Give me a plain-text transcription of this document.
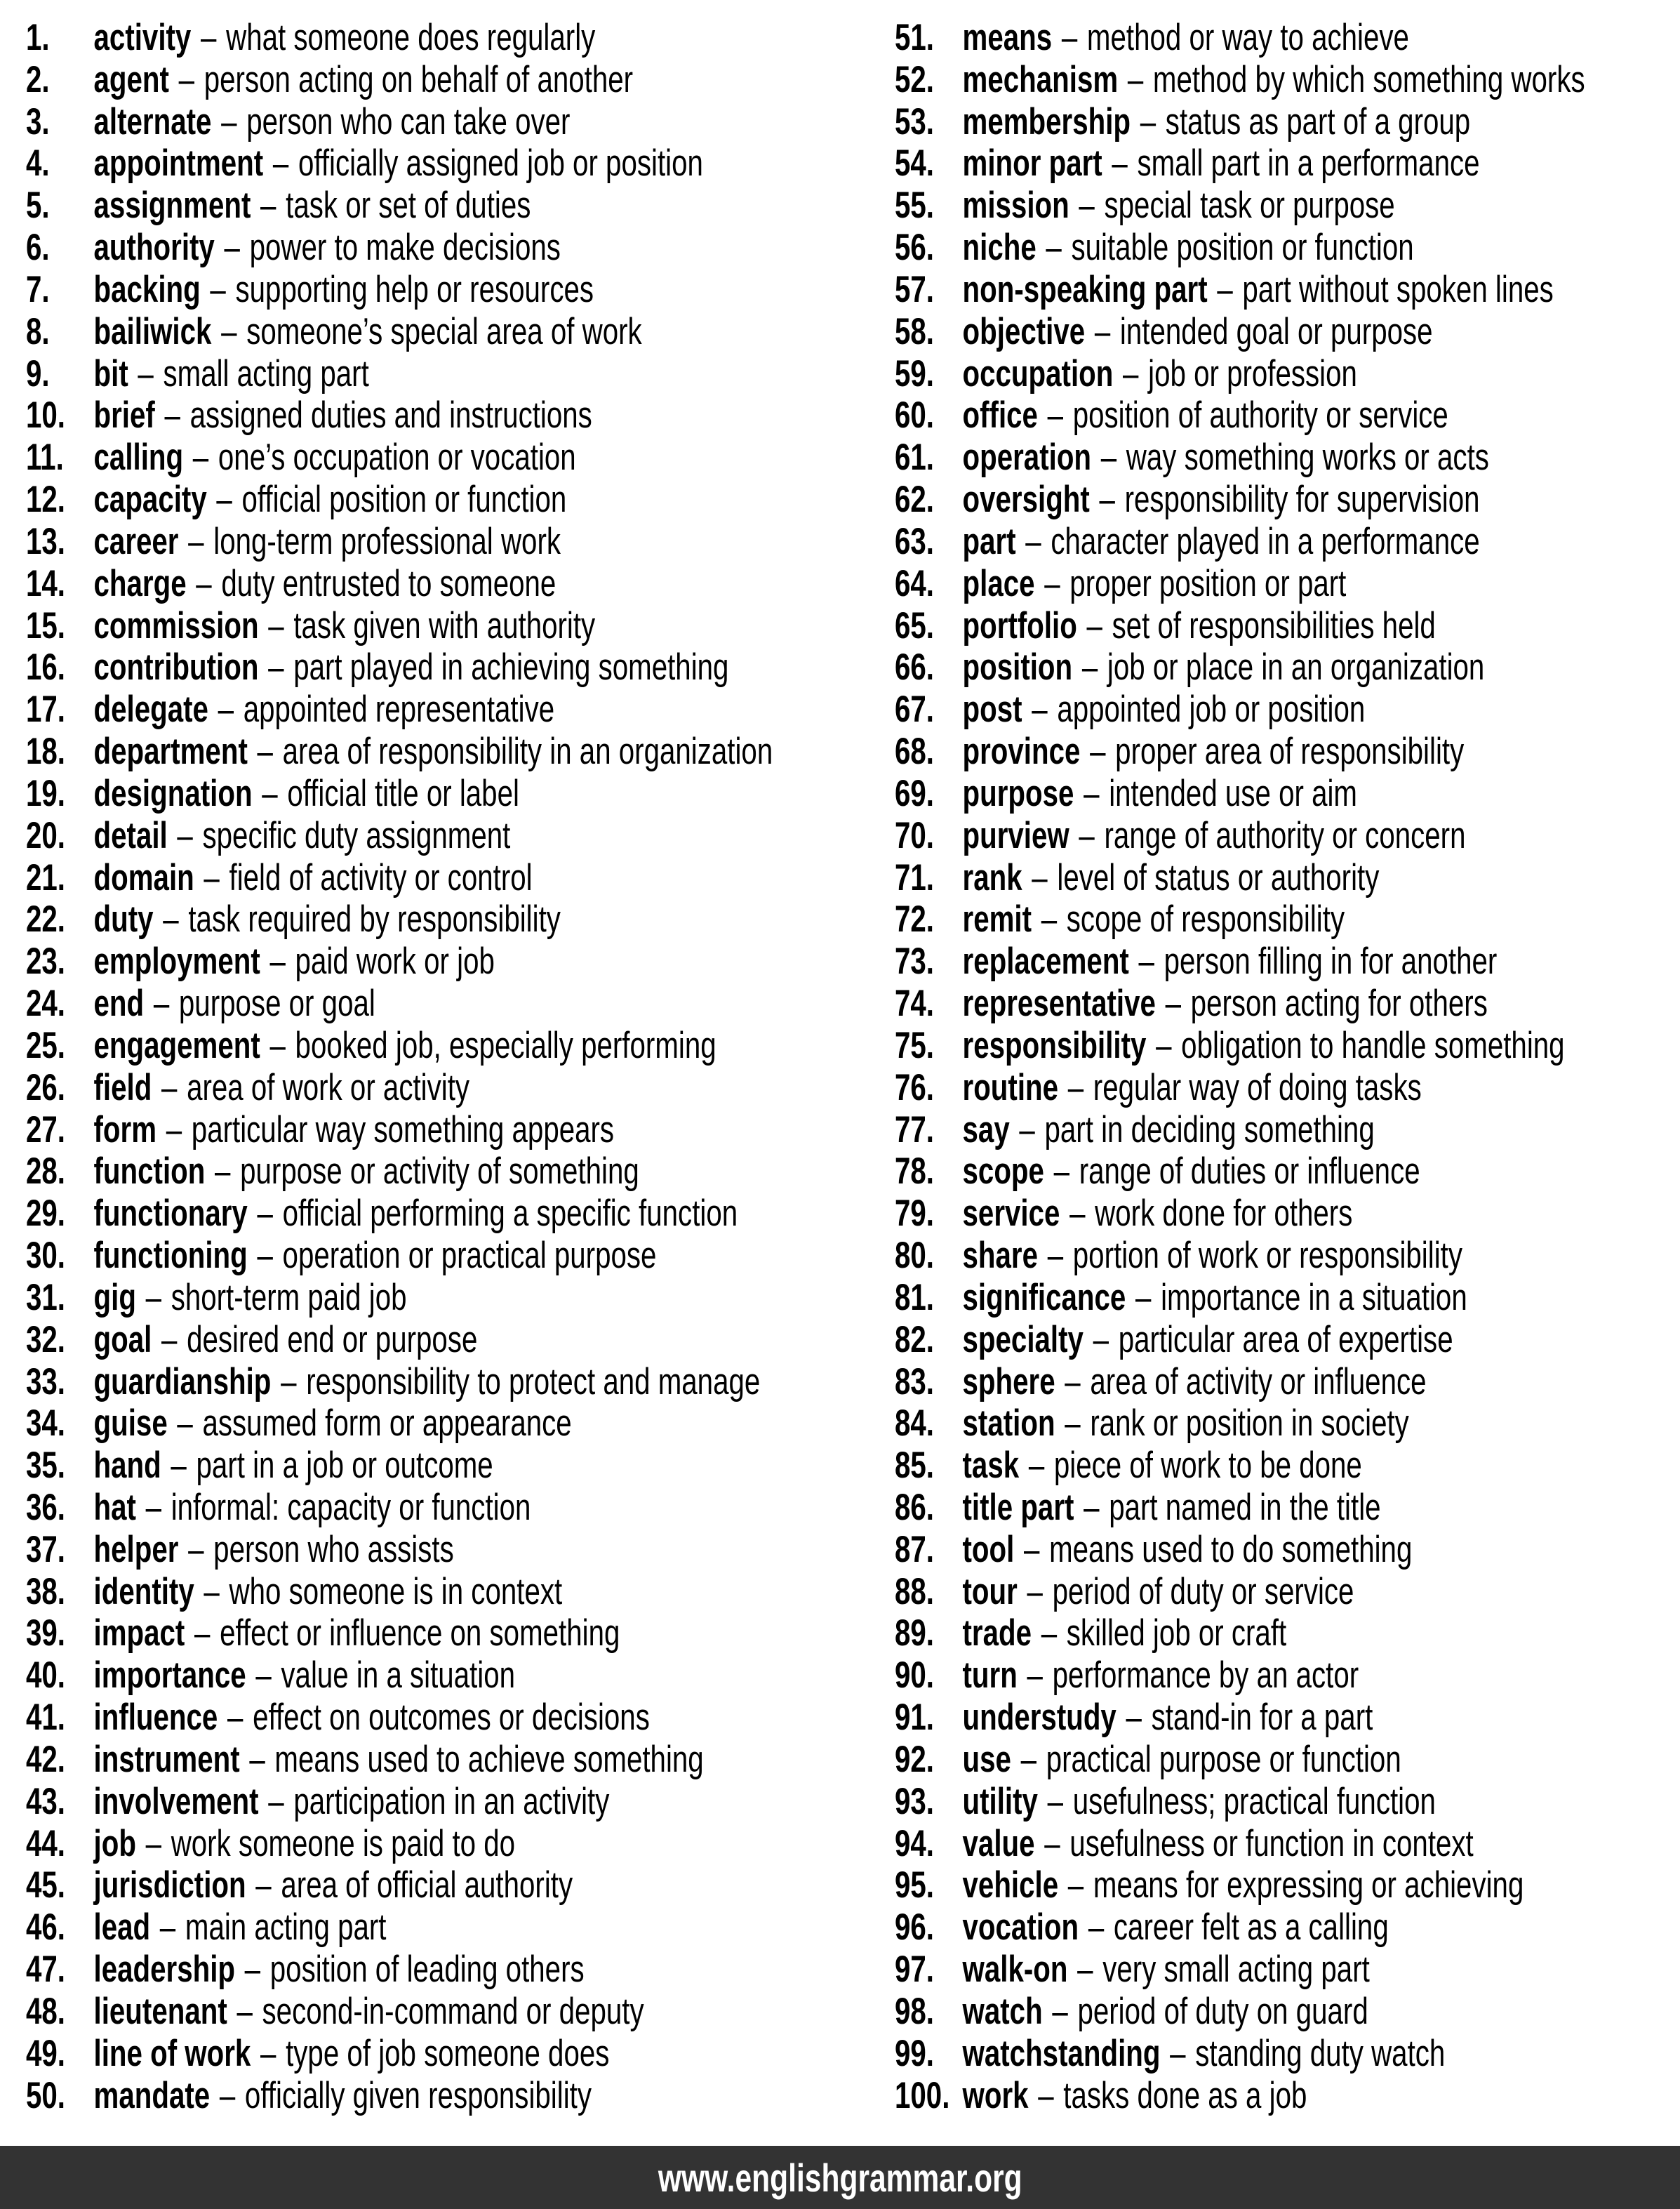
1. activity – what someone does regularly
2. agent – person acting on behalf of another
3. alternate – person who can take over
4. appointment – officially assigned job or position
5. assignment – task or set of duties
6. authority – power to make decisions
7. backing – supporting help or resources
8. bailiwick – someone’s special area of work
9. bit – small acting part
10. brief – assigned duties and instructions
11. calling – one’s occupation or vocation
12. capacity – official position or function
13. career – long-term professional work
14. charge – duty entrusted to someone
15. commission – task given with authority
16. contribution – part played in achieving something
17. delegate – appointed representative
18. department – area of responsibility in an organization
19. designation – official title or label
20. detail – specific duty assignment
21. domain – field of activity or control
22. duty – task required by responsibility
23. employment – paid work or job
24. end – purpose or goal
25. engagement – booked job, especially performing
26. field – area of work or activity
27. form – particular way something appears
28. function – purpose or activity of something
29. functionary – official performing a specific function
30. functioning – operation or practical purpose
31. gig – short-term paid job
32. goal – desired end or purpose
33. guardianship – responsibility to protect and manage
34. guise – assumed form or appearance
35. hand – part in a job or outcome
36. hat – informal: capacity or function
37. helper – person who assists
38. identity – who someone is in context
39. impact – effect or influence on something
40. importance – value in a situation
41. influence – effect on outcomes or decisions
42. instrument – means used to achieve something
43. involvement – participation in an activity
44. job – work someone is paid to do
45. jurisdiction – area of official authority
46. lead – main acting part
47. leadership – position of leading others
48. lieutenant – second-in-command or deputy
49. line of work – type of job someone does
50. mandate – officially given responsibility
51. means – method or way to achieve
52. mechanism – method by which something works
53. membership – status as part of a group
54. minor part – small part in a performance
55. mission – special task or purpose
56. niche – suitable position or function
57. non-speaking part – part without spoken lines
58. objective – intended goal or purpose
59. occupation – job or profession
60. office – position of authority or service
61. operation – way something works or acts
62. oversight – responsibility for supervision
63. part – character played in a performance
64. place – proper position or part
65. portfolio – set of responsibilities held
66. position – job or place in an organization
67. post – appointed job or position
68. province – proper area of responsibility
69. purpose – intended use or aim
70. purview – range of authority or concern
71. rank – level of status or authority
72. remit – scope of responsibility
73. replacement – person filling in for another
74. representative – person acting for others
75. responsibility – obligation to handle something
76. routine – regular way of doing tasks
77. say – part in deciding something
78. scope – range of duties or influence
79. service – work done for others
80. share – portion of work or responsibility
81. significance – importance in a situation
82. specialty – particular area of expertise
83. sphere – area of activity or influence
84. station – rank or position in society
85. task – piece of work to be done
86. title part – part named in the title
87. tool – means used to do something
88. tour – period of duty or service
89. trade – skilled job or craft
90. turn – performance by an actor
91. understudy – stand-in for a part
92. use – practical purpose or function
93. utility – usefulness; practical function
94. value – usefulness or function in context
95. vehicle – means for expressing or achieving
96. vocation – career felt as a calling
97. walk-on – very small acting part
98. watch – period of duty on guard
99. watchstanding – standing duty watch
100. work – tasks done as a job
www.englishgrammar.org
